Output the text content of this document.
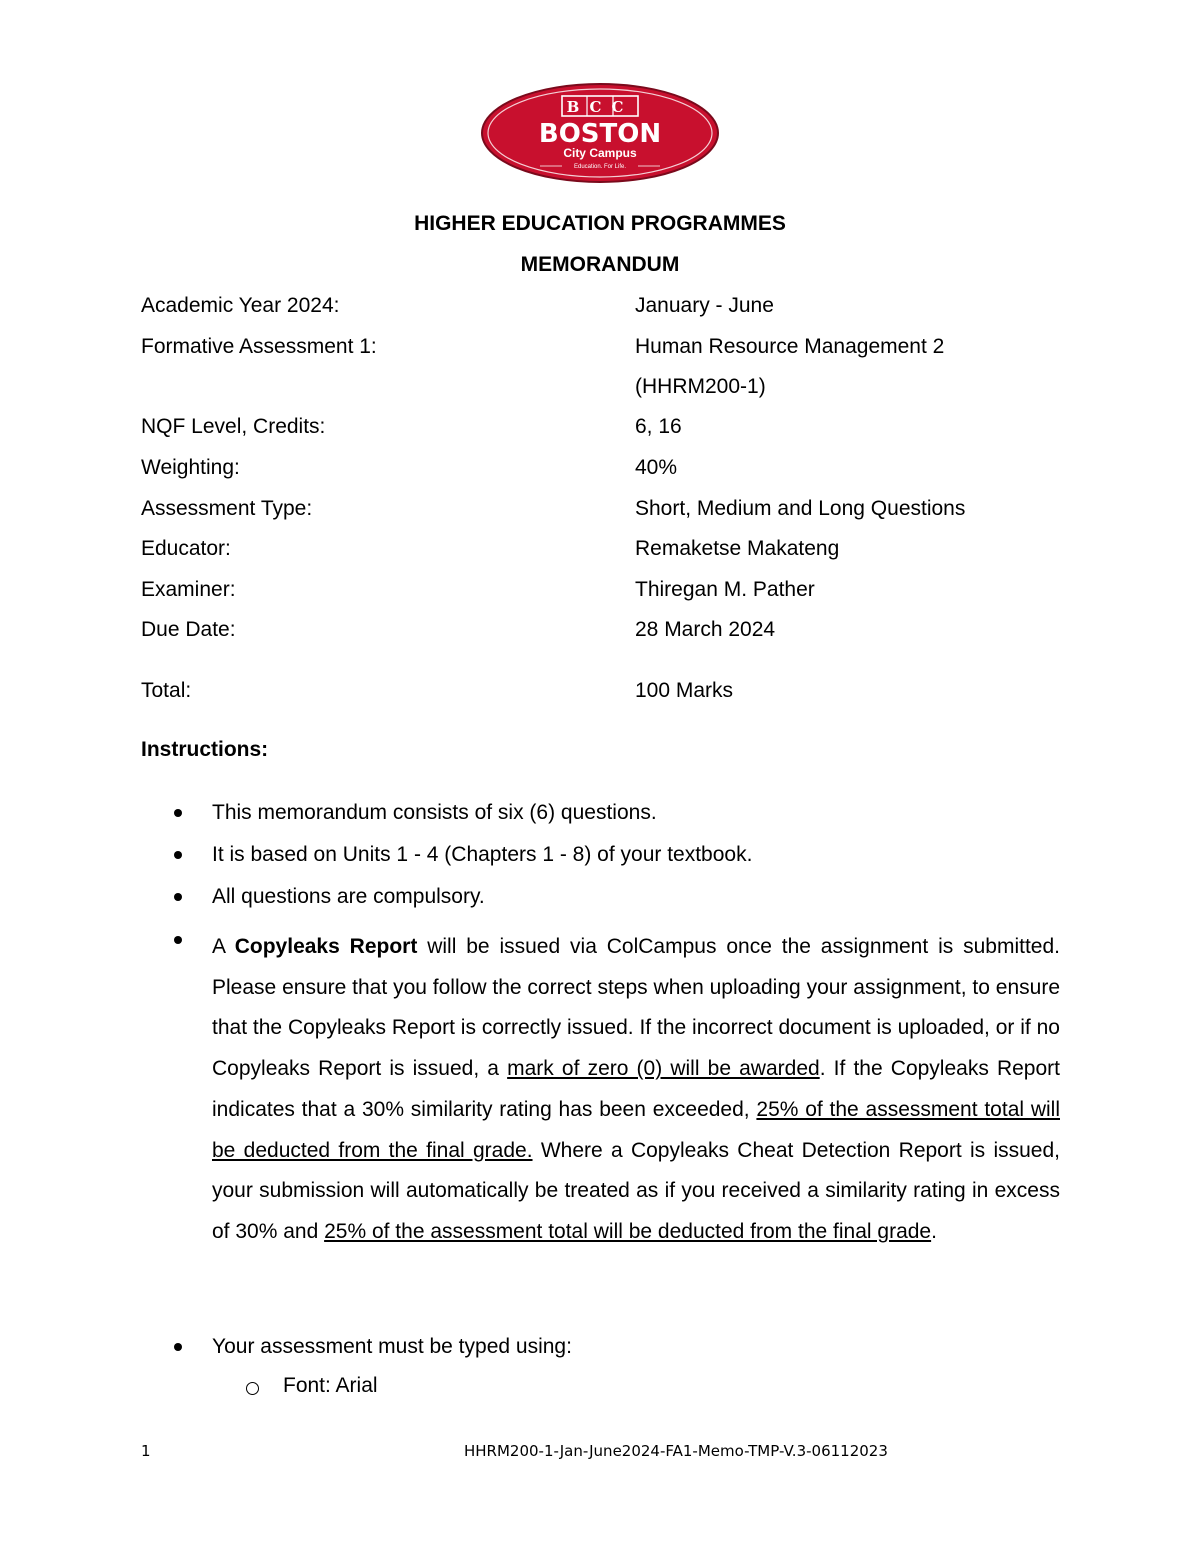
BCC
BOSTON
City Campus
Education. For Life.
HIGHER EDUCATION PROGRAMMES
MEMORANDUM
Academic Year 2024:	January - June
Formative Assessment 1:	Human Resource Management 2
(HHRM200-1)
NQF Level, Credits:	6, 16
Weighting:	40%
Assessment Type:	Short, Medium and Long Questions
Educator:	Remaketse Makateng
Examiner:	Thiregan M. Pather
Due Date:	28 March 2024
Total:	100 Marks
Instructions:
This memorandum consists of six (6) questions.
It is based on Units 1 - 4 (Chapters 1 - 8) of your textbook.
All questions are compulsory.
A Copyleaks Report will be issued via ColCampus once the assignment is submitted. Please ensure that you follow the correct steps when uploading your assignment, to ensure that the Copyleaks Report is correctly issued. If the incorrect document is uploaded, or if no Copyleaks Report is issued, a mark of zero (0) will be awarded. If the Copyleaks Report indicates that a 30% similarity rating has been exceeded, 25% of the assessment total will be deducted from the final grade. Where a Copyleaks Cheat Detection Report is issued, your submission will automatically be treated as if you received a similarity rating in excess of 30% and 25% of the assessment total will be deducted from the final grade.
Your assessment must be typed using:
Font: Arial
1	HHRM200-1-Jan-June2024-FA1-Memo-TMP-V.3-06112023
